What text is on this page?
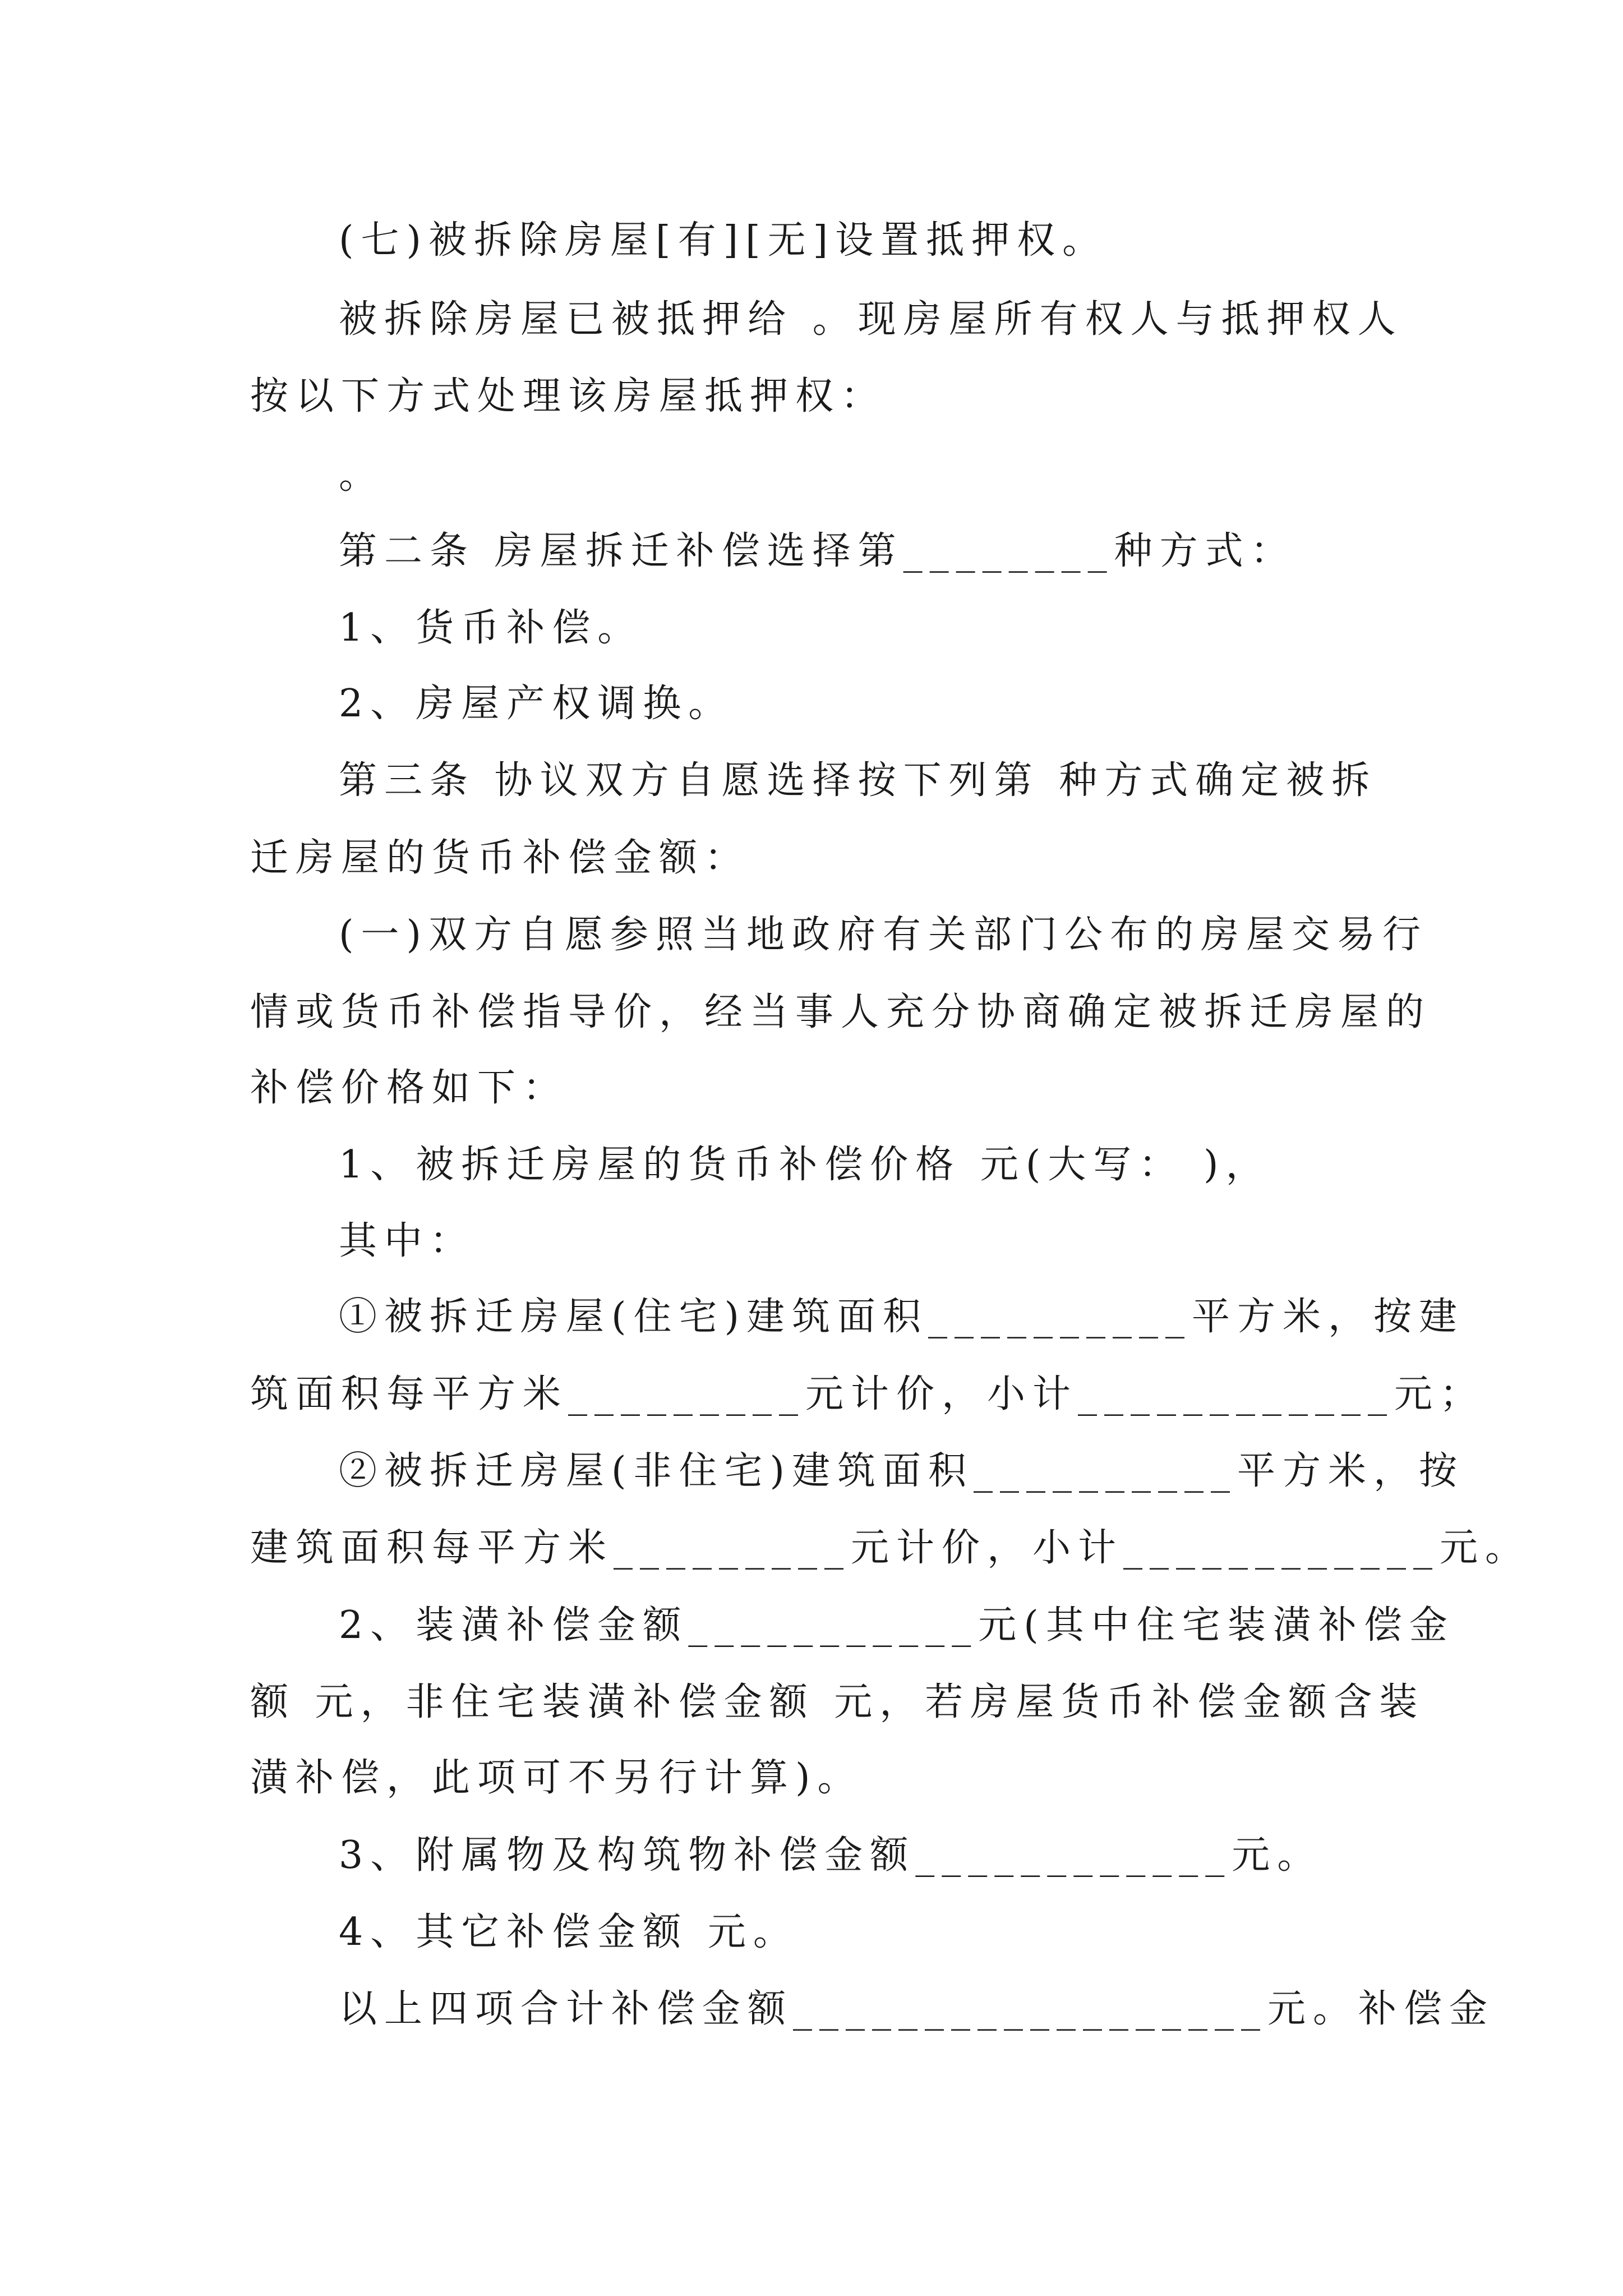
(七)被拆除房屋[有][无]设置抵押权。

被拆除房屋已被抵押给 。现房屋所有权人与抵押权人

按以下方式处理该房屋抵押权：

。

第二条 房屋拆迁补偿选择第________种方式：

1、货币补偿。

2、房屋产权调换。

第三条 协议双方自愿选择按下列第 种方式确定被拆

迁房屋的货币补偿金额：

(一)双方自愿参照当地政府有关部门公布的房屋交易行

情或货币补偿指导价，经当事人充分协商确定被拆迁房屋的

补偿价格如下：

1、被拆迁房屋的货币补偿价格 元(大写： )，

其中：

①被拆迁房屋(住宅)建筑面积__________平方米，按建

筑面积每平方米_________元计价，小计____________元；

②被拆迁房屋(非住宅)建筑面积__________平方米，按

建筑面积每平方米_________元计价，小计____________元。

2、装潢补偿金额___________元(其中住宅装潢补偿金

额 元，非住宅装潢补偿金额 元，若房屋货币补偿金额含装

潢补偿，此项可不另行计算)。

3、附属物及构筑物补偿金额____________元。

4、其它补偿金额 元。

以上四项合计补偿金额__________________元。补偿金
